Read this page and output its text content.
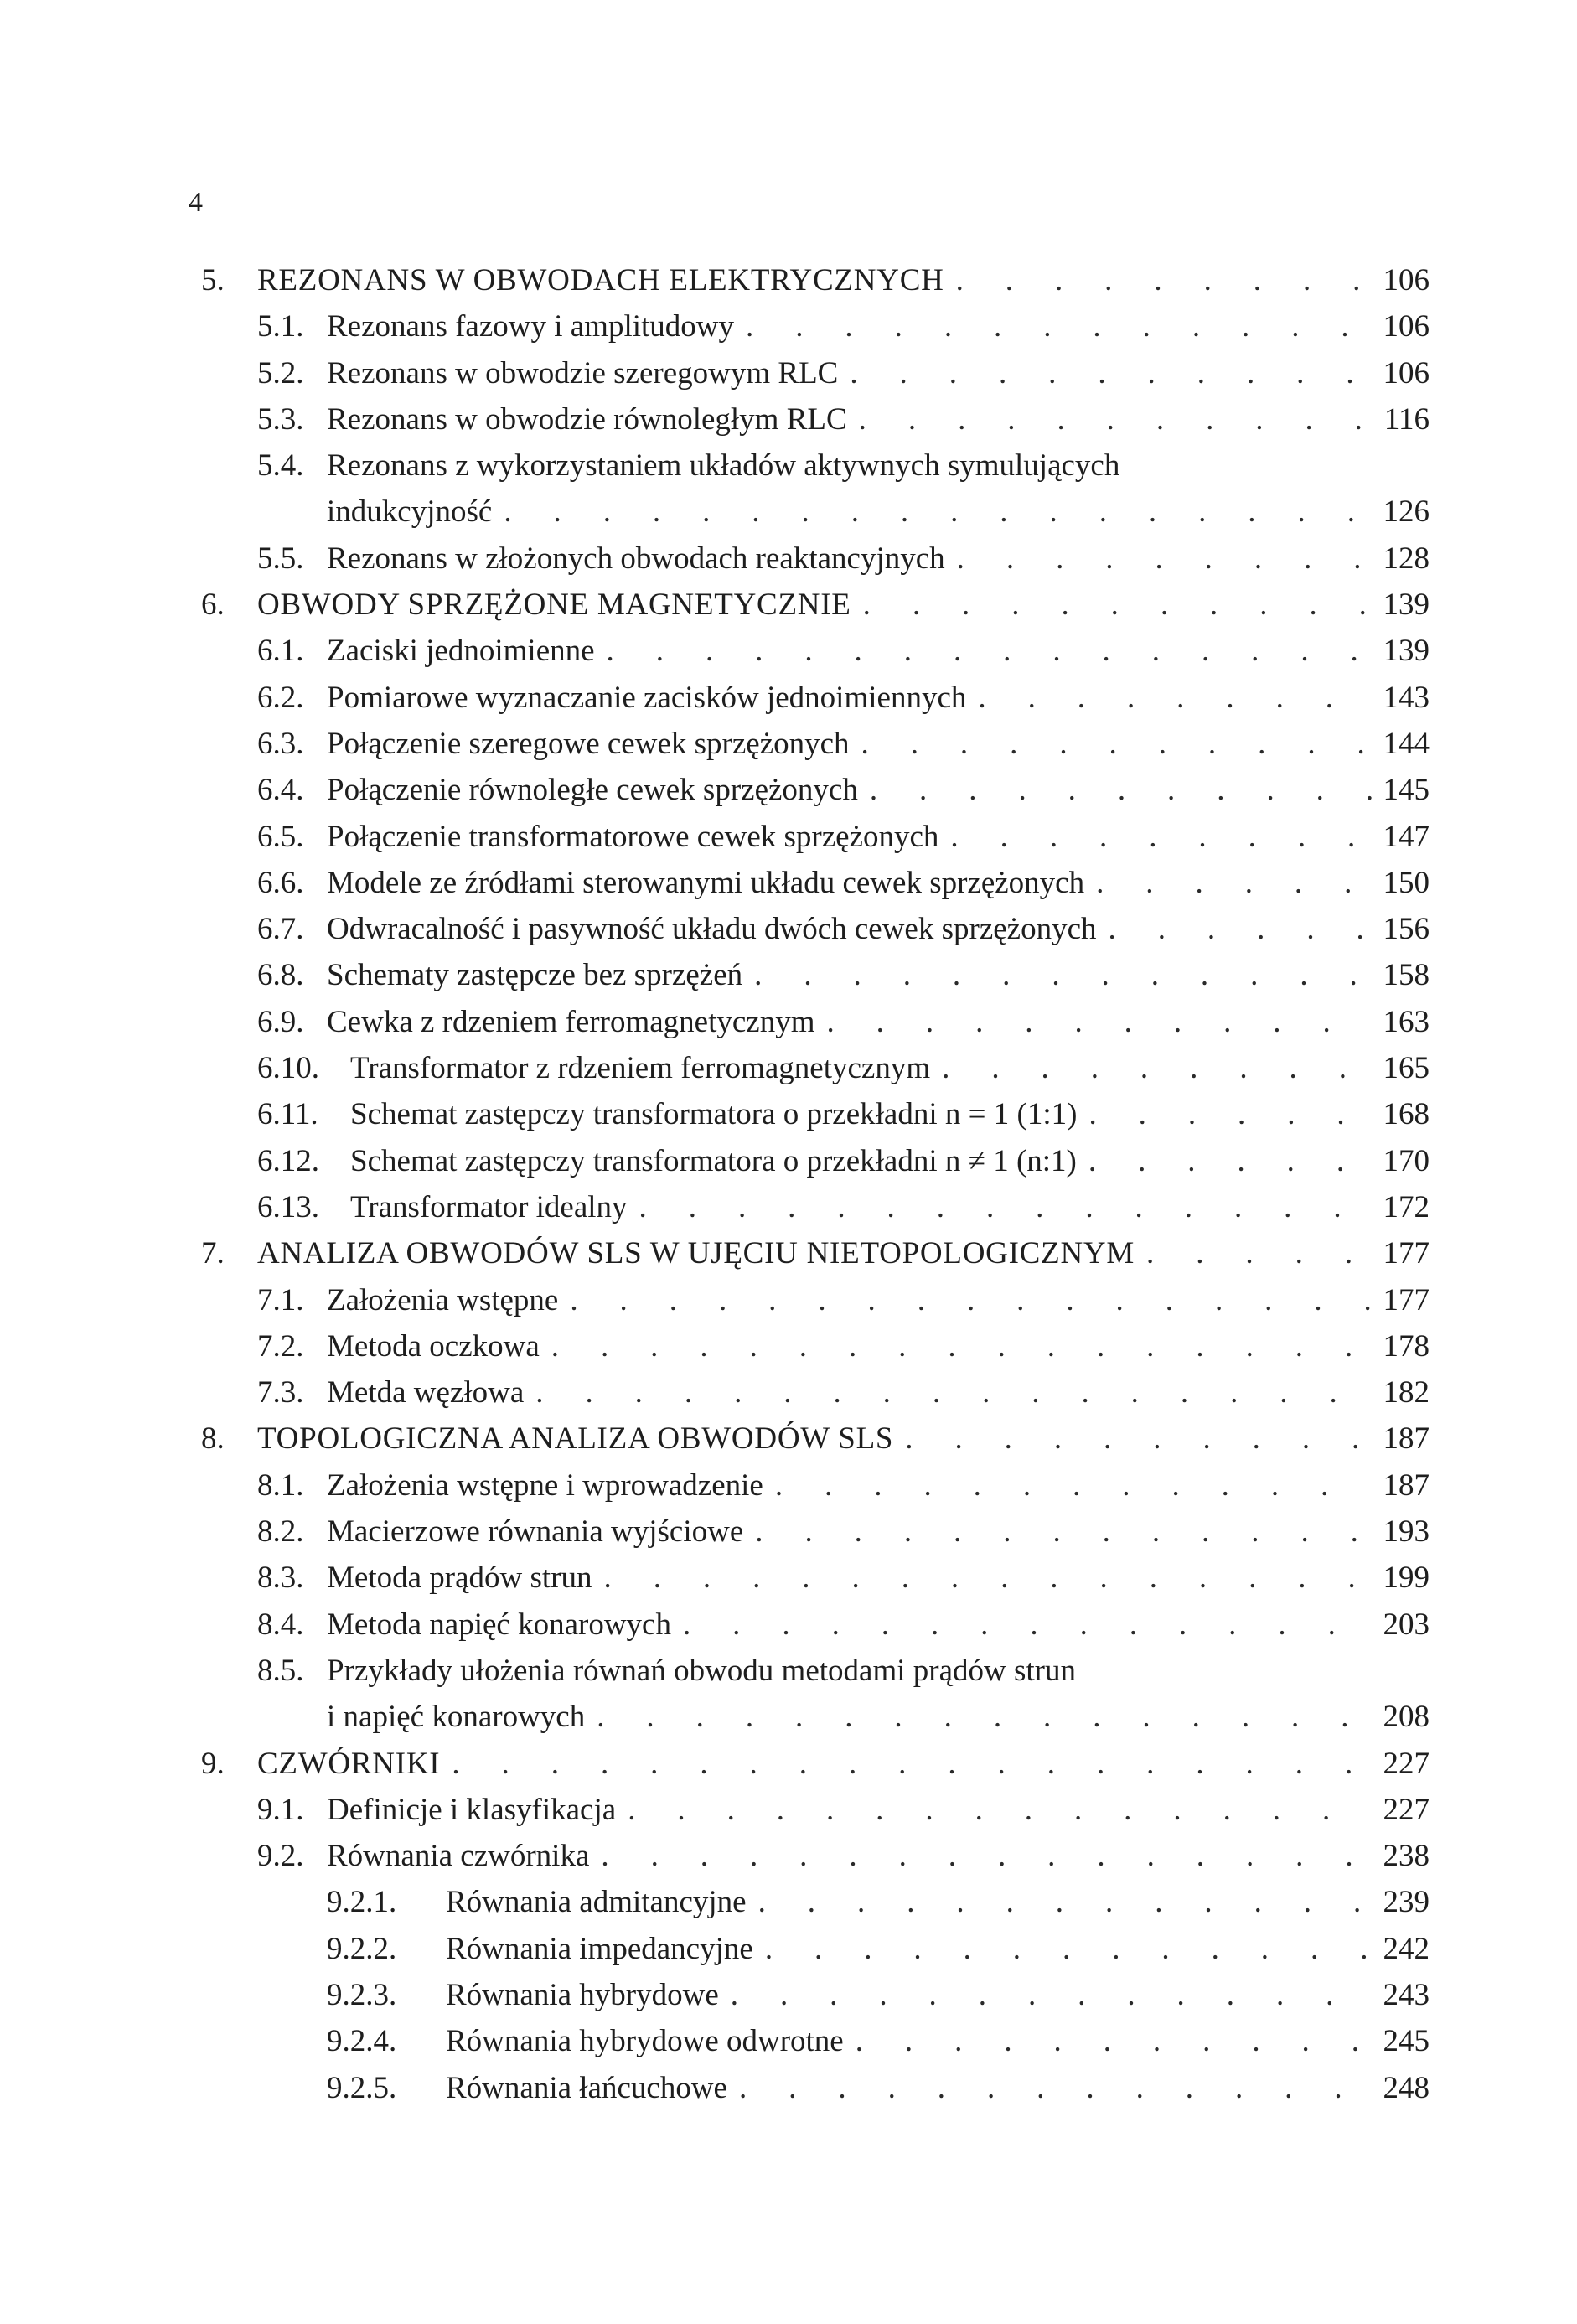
4
5. REZONANS W OBWODACH ELEKTRYCZNYCH . . .	106
5.1. Rezonans fazowy i amplitudowy . . .	106
5.2. Rezonans w obwodzie szeregowym RLC . . .	106
5.3. Rezonans w obwodzie równoległym RLC . . .	116
5.4. Rezonans z wykorzystaniem układów aktywnych symulujących
indukcyjność . . .	126
5.5. Rezonans w złożonych obwodach reaktancyjnych . . .	128
6. OBWODY SPRZĘŻONE MAGNETYCZNIE . . .	139
6.1. Zaciski jednoimienne . . .	139
6.2. Pomiarowe wyznaczanie zacisków jednoimiennych . . .	143
6.3. Połączenie szeregowe cewek sprzężonych . . .	144
6.4. Połączenie równoległe cewek sprzężonych . . .	145
6.5. Połączenie transformatorowe cewek sprzężonych . . .	147
6.6. Modele ze źródłami sterowanymi układu cewek sprzężonych . . .	150
6.7. Odwracalność i pasywność układu dwóch cewek sprzężonych . . .	156
6.8. Schematy zastępcze bez sprzężeń . . .	158
6.9. Cewka z rdzeniem ferromagnetycznym . . .	163
6.10. Transformator z rdzeniem ferromagnetycznym . . .	165
6.11. Schemat zastępczy transformatora o przekładni n = 1 (1:1) . . .	168
6.12. Schemat zastępczy transformatora o przekładni n ≠ 1 (n:1) . . .	170
6.13. Transformator idealny . . .	172
7. ANALIZA OBWODÓW SLS W UJĘCIU NIETOPOLOGICZNYM . . .	177
7.1. Założenia wstępne . . .	177
7.2. Metoda oczkowa . . .	178
7.3. Metda węzłowa . . .	182
8. TOPOLOGICZNA ANALIZA OBWODÓW SLS . . .	187
8.1. Założenia wstępne i wprowadzenie . . .	187
8.2. Macierzowe równania wyjściowe . . .	193
8.3. Metoda prądów strun . . .	199
8.4. Metoda napięć konarowych . . .	203
8.5. Przykłady ułożenia równań obwodu metodami prądów strun
i napięć konarowych . . .	208
9. CZWÓRNIKI . . .	227
9.1. Definicje i klasyfikacja . . .	227
9.2. Równania czwórnika . . .	238
9.2.1. Równania admitancyjne . . .	239
9.2.2. Równania impedancyjne . . .	242
9.2.3. Równania hybrydowe . . .	243
9.2.4. Równania hybrydowe odwrotne . . .	245
9.2.5. Równania łańcuchowe . . .	248
